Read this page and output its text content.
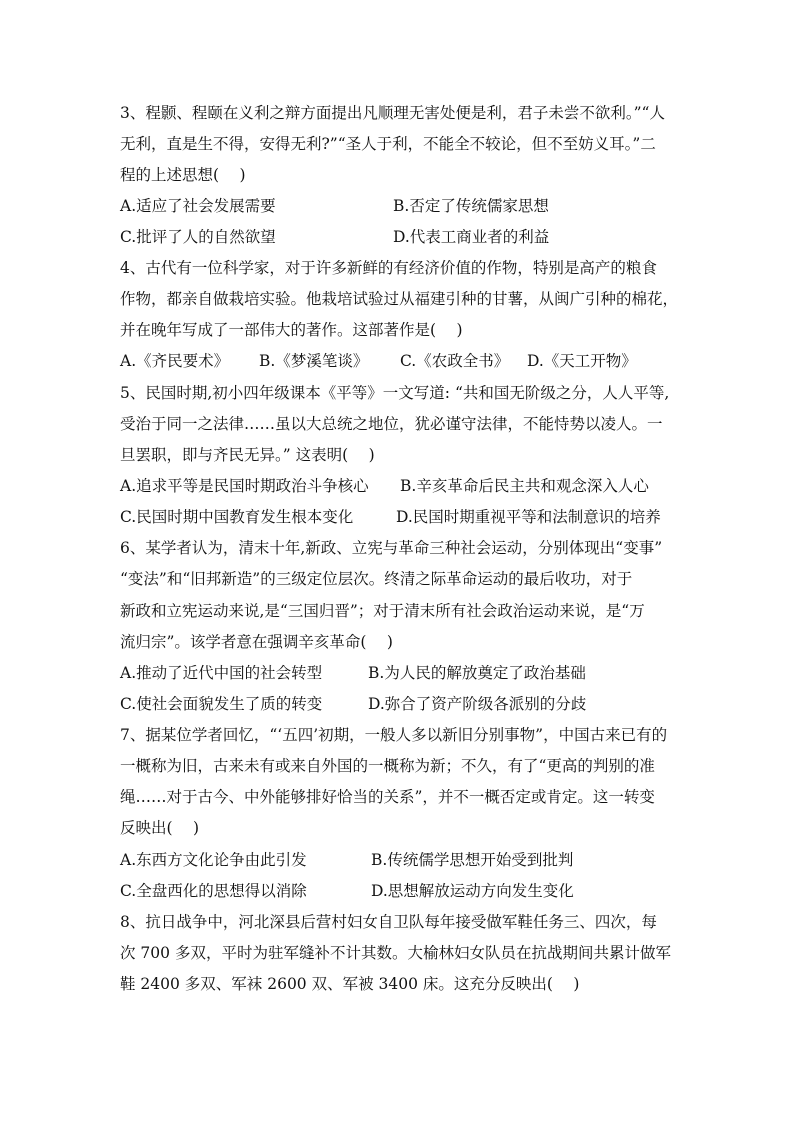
3、程颢、程颐在义利之辩方面提出凡顺理无害处便是利，君子未尝不欲利。”“人
无利，直是生不得，安得无利?”“圣人于利，不能全不较论，但不至妨义耳。”二
程的上述思想(　 )
A.适应了社会发展需要	B.否定了传统儒家思想
C.批评了人的自然欲望	D.代表工商业者的利益
4、古代有一位科学家，对于许多新鲜的有经济价值的作物，特别是高产的粮食
作物，都亲自做栽培实验。他栽培试验过从福建引种的甘薯，从闽广引种的棉花，
并在晚年写成了一部伟大的著作。这部著作是(　 )
A.《齐民要术》 B.《梦溪笔谈》 C.《农政全书》 D.《天工开物》
5、民国时期,初小四年级课本《平等》一文写道: “共和国无阶级之分，人人平等,
受治于同一之法律……虽以大总统之地位，犹必谨守法律，不能恃势以凌人。一
旦罢职，即与齐民无异。” 这表明(　 )
A.追求平等是民国时期政治斗争核心 B.辛亥革命后民主共和观念深入人心
C.民国时期中国教育发生根本变化	D.民国时期重视平等和法制意识的培养
6、某学者认为，清末十年,新政、立宪与革命三种社会运动，分别体现出“变事”
“变法”和“旧邦新造”的三级定位层次。终清之际革命运动的最后收功，对于
新政和立宪运动来说,是“三国归晋”；对于清末所有社会政治运动来说，是“万
流归宗”。该学者意在强调辛亥革命(　 )
A.推动了近代中国的社会转型	B.为人民的解放奠定了政治基础
C.使社会面貌发生了质的转变	D.弥合了资产阶级各派别的分歧
7、据某位学者回忆，“‘五四’初期，一般人多以新旧分别事物”，中国古来已有的
一概称为旧，古来未有或来自外国的一概称为新；不久，有了“更高的判别的准
绳……对于古今、中外能够排好恰当的关系”，并不一概否定或肯定。这一转变
反映出(　 )
A.东西方文化论争由此引发	B.传统儒学思想开始受到批判
C.全盘西化的思想得以消除	D.思想解放运动方向发生变化
8、抗日战争中，河北深县后营村妇女自卫队每年接受做军鞋任务三、四次，每
次 700 多双，平时为驻军缝补不计其数。大榆林妇女队员在抗战期间共累计做军
鞋 2400 多双、军袜 2600 双、军被 3400 床。这充分反映出(　 )
